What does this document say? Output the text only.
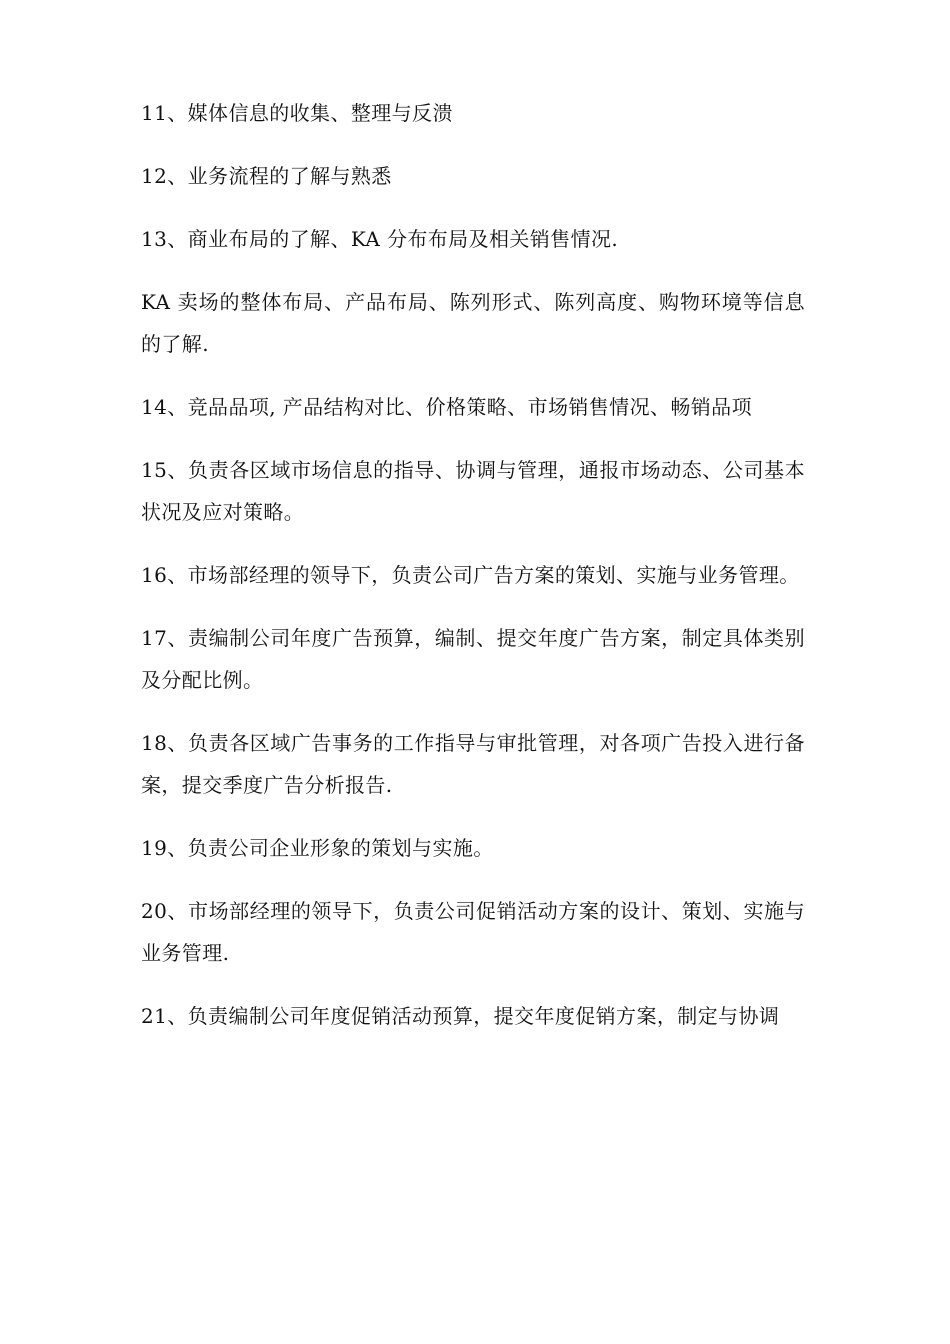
11、媒体信息的收集、整理与反溃

12、业务流程的了解与熟悉

13、商业布局的了解、KA 分布布局及相关销售情况.

KA 卖场的整体布局、产品布局、陈列形式、陈列高度、购物环境等信息的了解.

14、竞品品项, 产品结构对比、价格策略、市场销售情况、畅销品项

15、负责各区域市场信息的指导、协调与管理，通报市场动态、公司基本状况及应对策略。

16、市场部经理的领导下，负责公司广告方案的策划、实施与业务管理。

17、责编制公司年度广告预算，编制、提交年度广告方案，制定具体类别及分配比例。

18、负责各区域广告事务的工作指导与审批管理，对各项广告投入进行备案，提交季度广告分析报告.

19、负责公司企业形象的策划与实施。

20、市场部经理的领导下，负责公司促销活动方案的设计、策划、实施与业务管理.

21、负责编制公司年度促销活动预算，提交年度促销方案，制定与协调
